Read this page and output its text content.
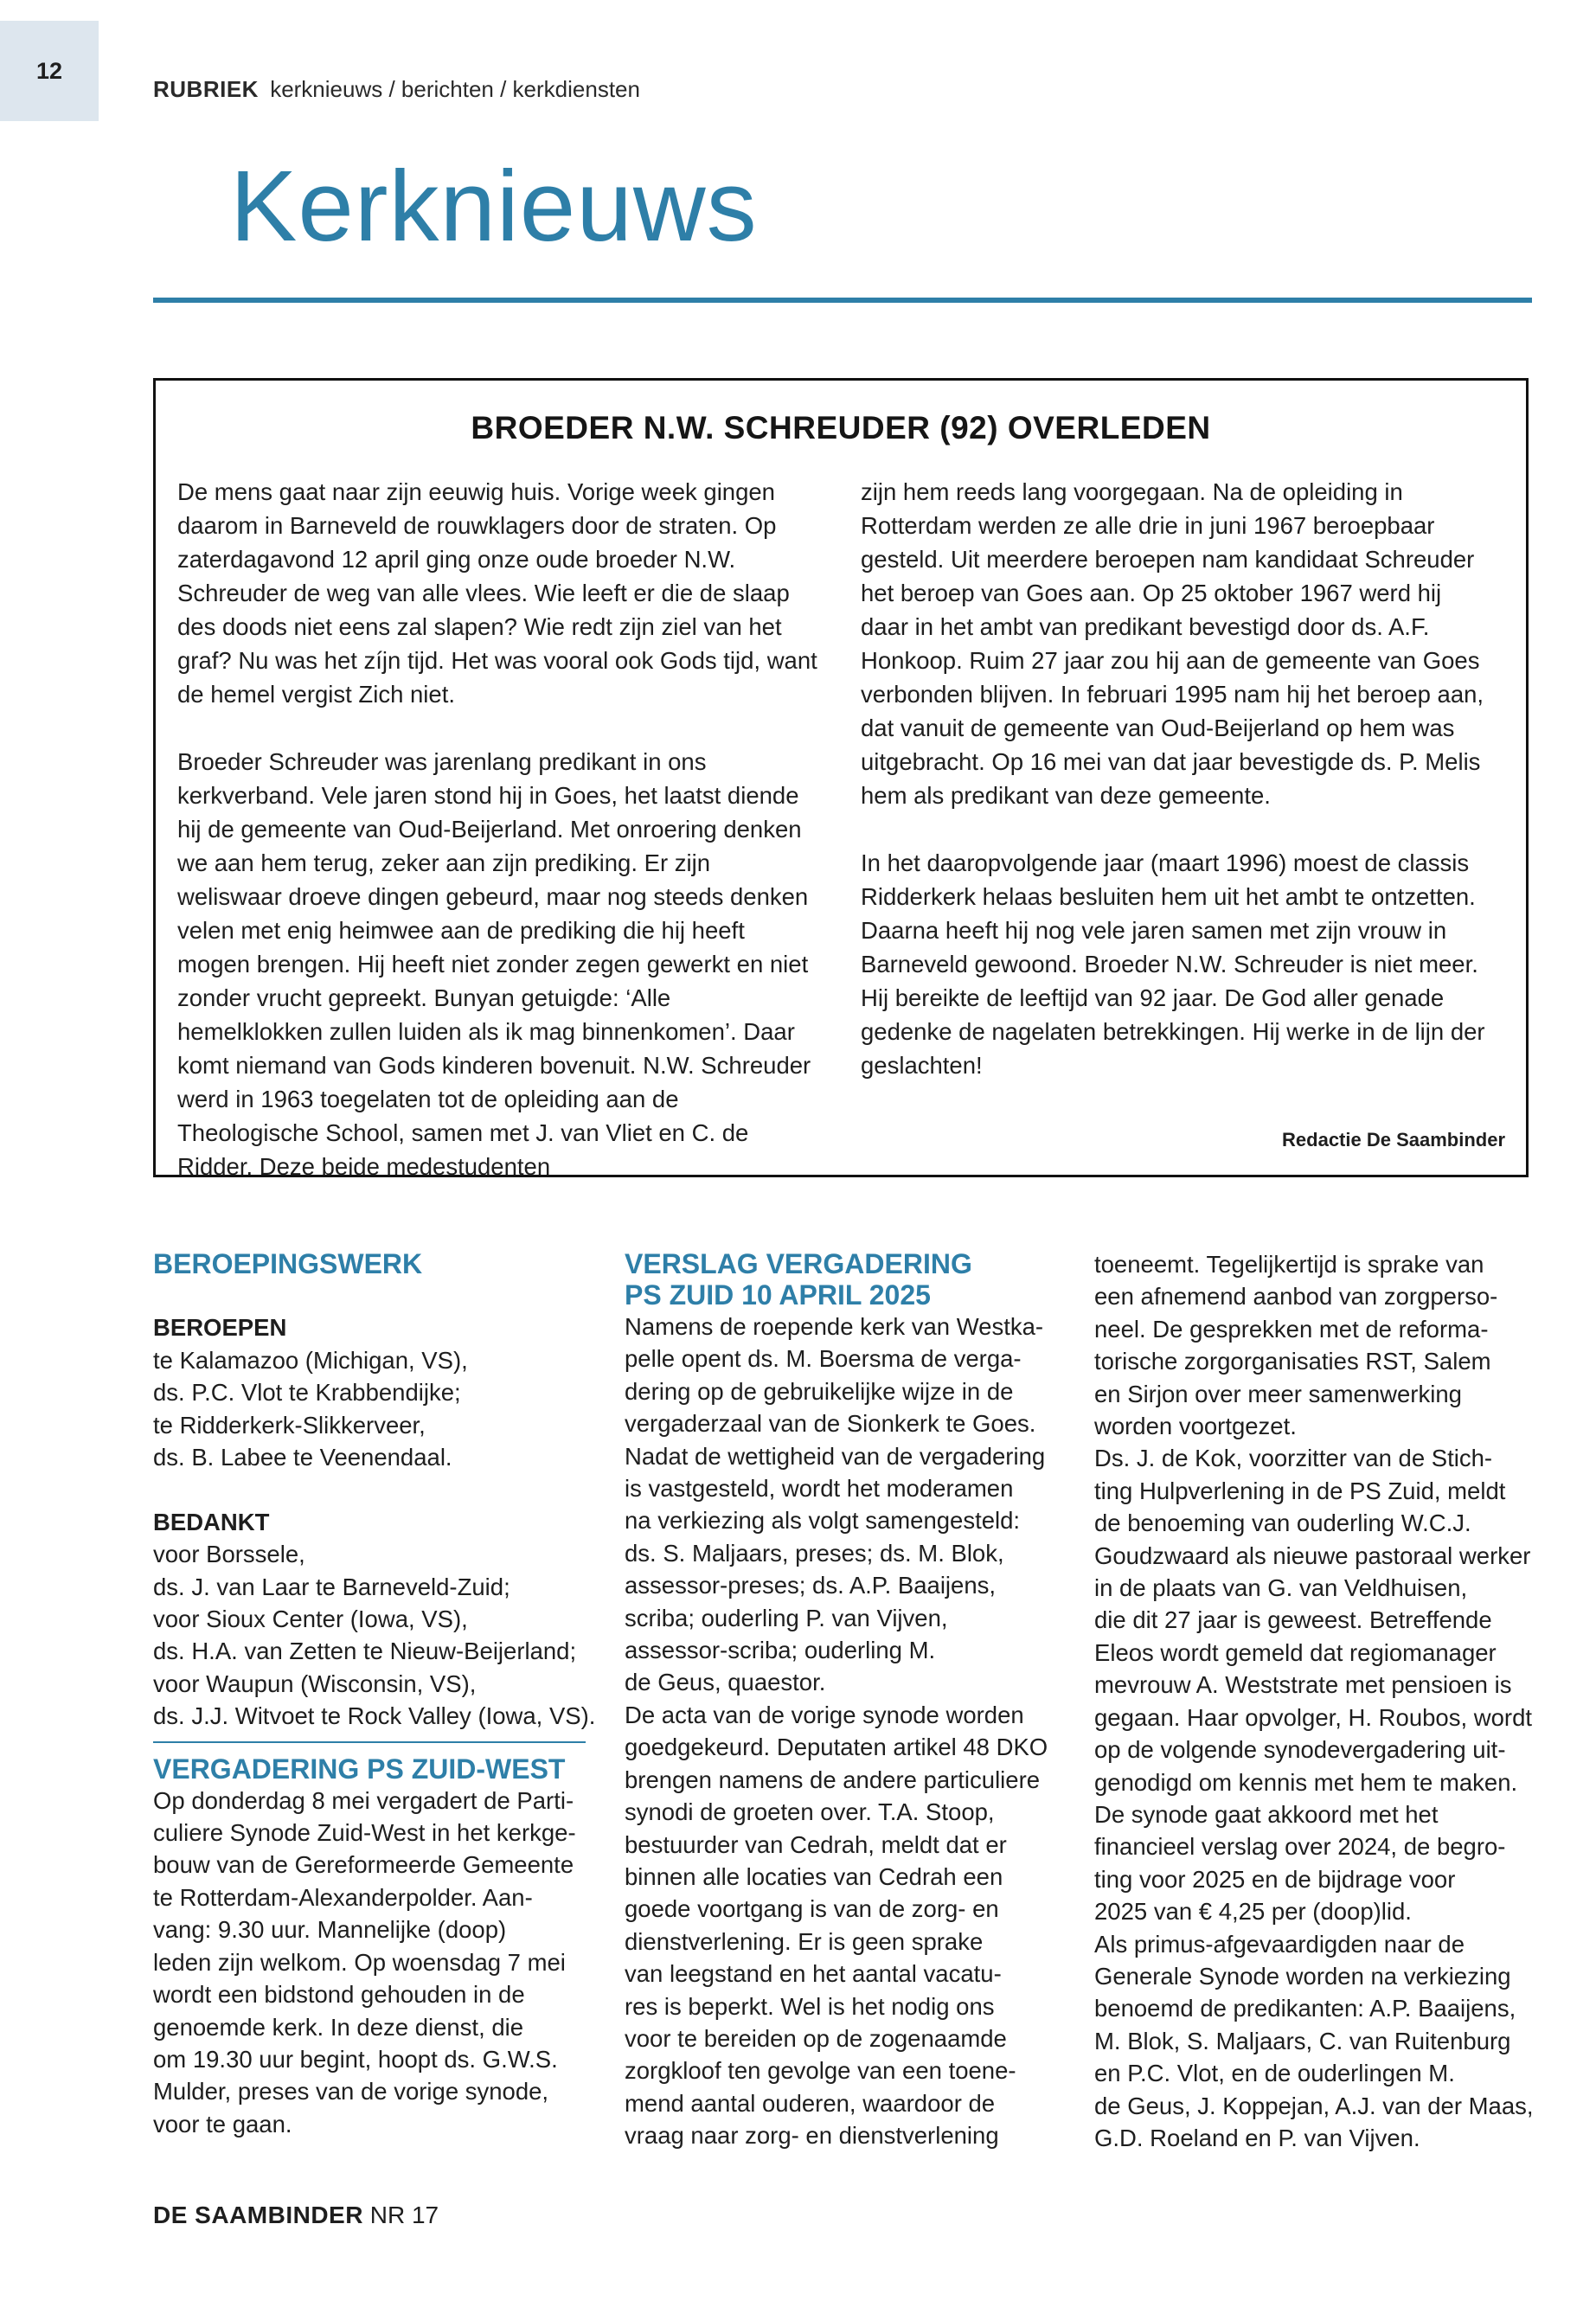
12
RUBRIEK kerknieuws / berichten / kerkdiensten
Kerknieuws
BROEDER N.W. SCHREUDER (92) OVERLEDEN

De mens gaat naar zijn eeuwig huis. Vorige week gingen daarom in Barneveld de rouwklagers door de straten. Op zaterdagavond 12 april ging onze oude broeder N.W. Schreuder de weg van alle vlees. Wie leeft er die de slaap des doods niet eens zal slapen? Wie redt zijn ziel van het graf? Nu was het zíjn tijd. Het was vooral ook Gods tijd, want de hemel vergist Zich niet.

Broeder Schreuder was jarenlang predikant in ons kerkverband. Vele jaren stond hij in Goes, het laatst diende hij de gemeente van Oud-Beijerland. Met onroering denken we aan hem terug, zeker aan zijn prediking. Er zijn weliswaar droeve dingen gebeurd, maar nog steeds denken velen met enig heimwee aan de prediking die hij heeft mogen brengen. Hij heeft niet zonder zegen gewerkt en niet zonder vrucht gepreekt. Bunyan getuigde: ‘Alle hemelklokken zullen luiden als ik mag binnenkomen’. Daar komt niemand van Gods kinderen bovenuit. N.W. Schreuder werd in 1963 toegelaten tot de opleiding aan de Theologische School, samen met J. van Vliet en C. de Ridder. Deze beide medestudenten

zijn hem reeds lang voorgegaan. Na de opleiding in Rotterdam werden ze alle drie in juni 1967 beroepbaar gesteld. Uit meerdere beroepen nam kandidaat Schreuder het beroep van Goes aan. Op 25 oktober 1967 werd hij daar in het ambt van predikant bevestigd door ds. A.F. Honkoop. Ruim 27 jaar zou hij aan de gemeente van Goes verbonden blijven. In februari 1995 nam hij het beroep aan, dat vanuit de gemeente van Oud-Beijerland op hem was uitgebracht. Op 16 mei van dat jaar bevestigde ds. P. Melis hem als predikant van deze gemeente.

In het daaropvolgende jaar (maart 1996) moest de classis Ridderkerk helaas besluiten hem uit het ambt te ontzetten. Daarna heeft hij nog vele jaren samen met zijn vrouw in Barneveld gewoond. Broeder N.W. Schreuder is niet meer. Hij bereikte de leeftijd van 92 jaar. De God aller genade gedenke de nagelaten betrekkingen. Hij werke in de lijn der geslachten!

Redactie De Saambinder
BEROEPINGSWERK
BEROEPEN
te Kalamazoo (Michigan, VS),
ds. P.C. Vlot te Krabbendijke;
te Ridderkerk-Slikkerveer,
ds. B. Labee te Veenendaal.
BEDANKT
voor Borssele,
ds. J. van Laar te Barneveld-Zuid;
voor Sioux Center (Iowa, VS),
ds. H.A. van Zetten te Nieuw-Beijerland;
voor Waupun (Wisconsin, VS),
ds. J.J. Witvoet te Rock Valley (Iowa, VS).
VERGADERING PS ZUID-WEST
Op donderdag 8 mei vergadert de Parti-
culiere Synode Zuid-West in het kerkge-
bouw van de Gereformeerde Gemeente
te Rotterdam-Alexanderpolder. Aan-
vang: 9.30 uur. Mannelijke (doop)
leden zijn welkom. Op woensdag 7 mei
wordt een bidstond gehouden in de
genoemde kerk. In deze dienst, die
om 19.30 uur begint, hoopt ds. G.W.S.
Mulder, preses van de vorige synode,
voor te gaan.
VERSLAG VERGADERING
PS ZUID 10 APRIL 2025
Namens de roepende kerk van Westka-
pelle opent ds. M. Boersma de verga-
dering op de gebruikelijke wijze in de
vergaderzaal van de Sionkerk te Goes.
Nadat de wettigheid van de vergadering
is vastgesteld, wordt het moderamen
na verkiezing als volgt samengesteld:
ds. S. Maljaars, preses; ds. M. Blok,
assessor-preses; ds. A.P. Baaijens,
scriba; ouderling P. van Vijven,
assessor-scriba; ouderling M.
de Geus, quaestor.
De acta van de vorige synode worden
goedgekeurd. Deputaten artikel 48 DKO
brengen namens de andere particuliere
synodi de groeten over. T.A. Stoop,
bestuurder van Cedrah, meldt dat er
binnen alle locaties van Cedrah een
goede voortgang is van de zorg- en
dienstverlening. Er is geen sprake
van leegstand en het aantal vacatu-
res is beperkt. Wel is het nodig ons
voor te bereiden op de zogenaamde
zorgkloof ten gevolge van een toene-
mend aantal ouderen, waardoor de
vraag naar zorg- en dienstverlening
toeneemt. Tegelijkertijd is sprake van
een afnemend aanbod van zorgperso-
neel. De gesprekken met de reforma-
torische zorgorganisaties RST, Salem
en Sirjon over meer samenwerking
worden voortgezet.
Ds. J. de Kok, voorzitter van de Stich-
ting Hulpverlening in de PS Zuid, meldt
de benoeming van ouderling W.C.J.
Goudzwaard als nieuwe pastoraal werker
in de plaats van G. van Veldhuisen,
die dit 27 jaar is geweest. Betreffende
Eleos wordt gemeld dat regiomanager
mevrouw A. Weststrate met pensioen is
gegaan. Haar opvolger, H. Roubos, wordt
op de volgende synodevergadering uit-
genodigd om kennis met hem te maken.
De synode gaat akkoord met het
financieel verslag over 2024, de begro-
ting voor 2025 en de bijdrage voor
2025 van € 4,25 per (doop)lid.
Als primus-afgevaardigden naar de
Generale Synode worden na verkiezing
benoemd de predikanten: A.P. Baaijens,
M. Blok, S. Maljaars, C. van Ruitenburg
en P.C. Vlot, en de ouderlingen M.
de Geus, J. Koppejan, A.J. van der Maas,
G.D. Roeland en P. van Vijven.
DE SAAMBINDER NR 17
